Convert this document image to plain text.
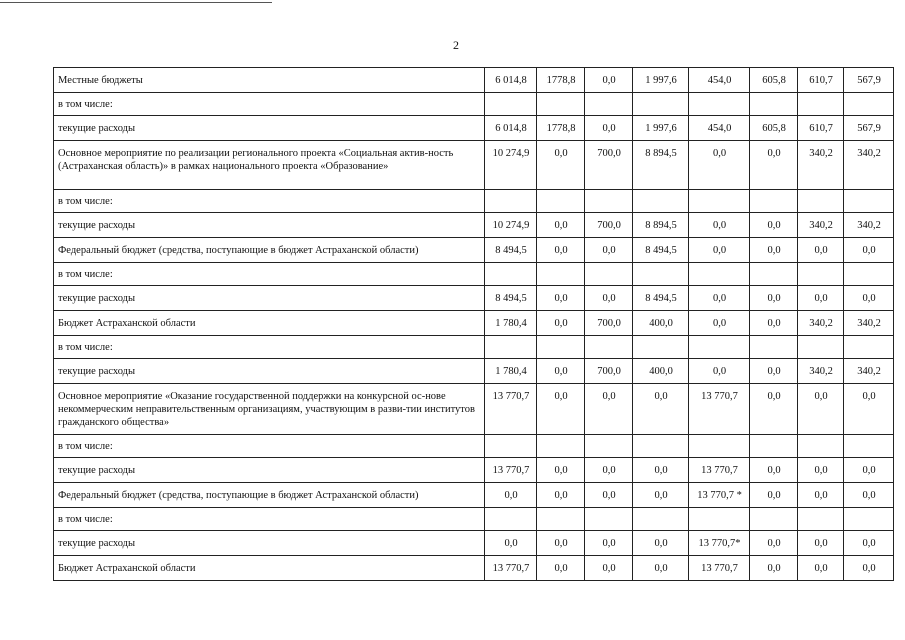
2
Местные бюджеты	6 014,8	1778,8	0,0	1 997,6	454,0	605,8	610,7	567,9
в том числе:								
текущие расходы	6 014,8	1778,8	0,0	1 997,6	454,0	605,8	610,7	567,9
Основное мероприятие по реализации регионального проекта «Социальная актив-ность (Астраханская область)» в рамках национального проекта «Образование»	10 274,9	0,0	700,0	8 894,5	0,0	0,0	340,2	340,2
в том числе:								
текущие расходы	10 274,9	0,0	700,0	8 894,5	0,0	0,0	340,2	340,2
Федеральный бюджет (средства, поступающие в бюджет Астраханской области)	8 494,5	0,0	0,0	8 494,5	0,0	0,0	0,0	0,0
в том числе:								
текущие расходы	8 494,5	0,0	0,0	8 494,5	0,0	0,0	0,0	0,0
Бюджет Астраханской области	1 780,4	0,0	700,0	400,0	0,0	0,0	340,2	340,2
в том числе:								
текущие расходы	1 780,4	0,0	700,0	400,0	0,0	0,0	340,2	340,2
Основное мероприятие «Оказание государственной поддержки на конкурсной ос-нове некоммерческим неправительственным организациям, участвующим в разви-тии институтов гражданского общества»	13 770,7	0,0	0,0	0,0	13 770,7	0,0	0,0	0,0
в том числе:								
текущие расходы	13 770,7	0,0	0,0	0,0	13 770,7	0,0	0,0	0,0
Федеральный бюджет (средства, поступающие в бюджет Астраханской области)	0,0	0,0	0,0	0,0	13 770,7 *	0,0	0,0	0,0
в том числе:								
текущие расходы	0,0	0,0	0,0	0,0	13 770,7*	0,0	0,0	0,0
Бюджет Астраханской области	13 770,7	0,0	0,0	0,0	13 770,7	0,0	0,0	0,0
